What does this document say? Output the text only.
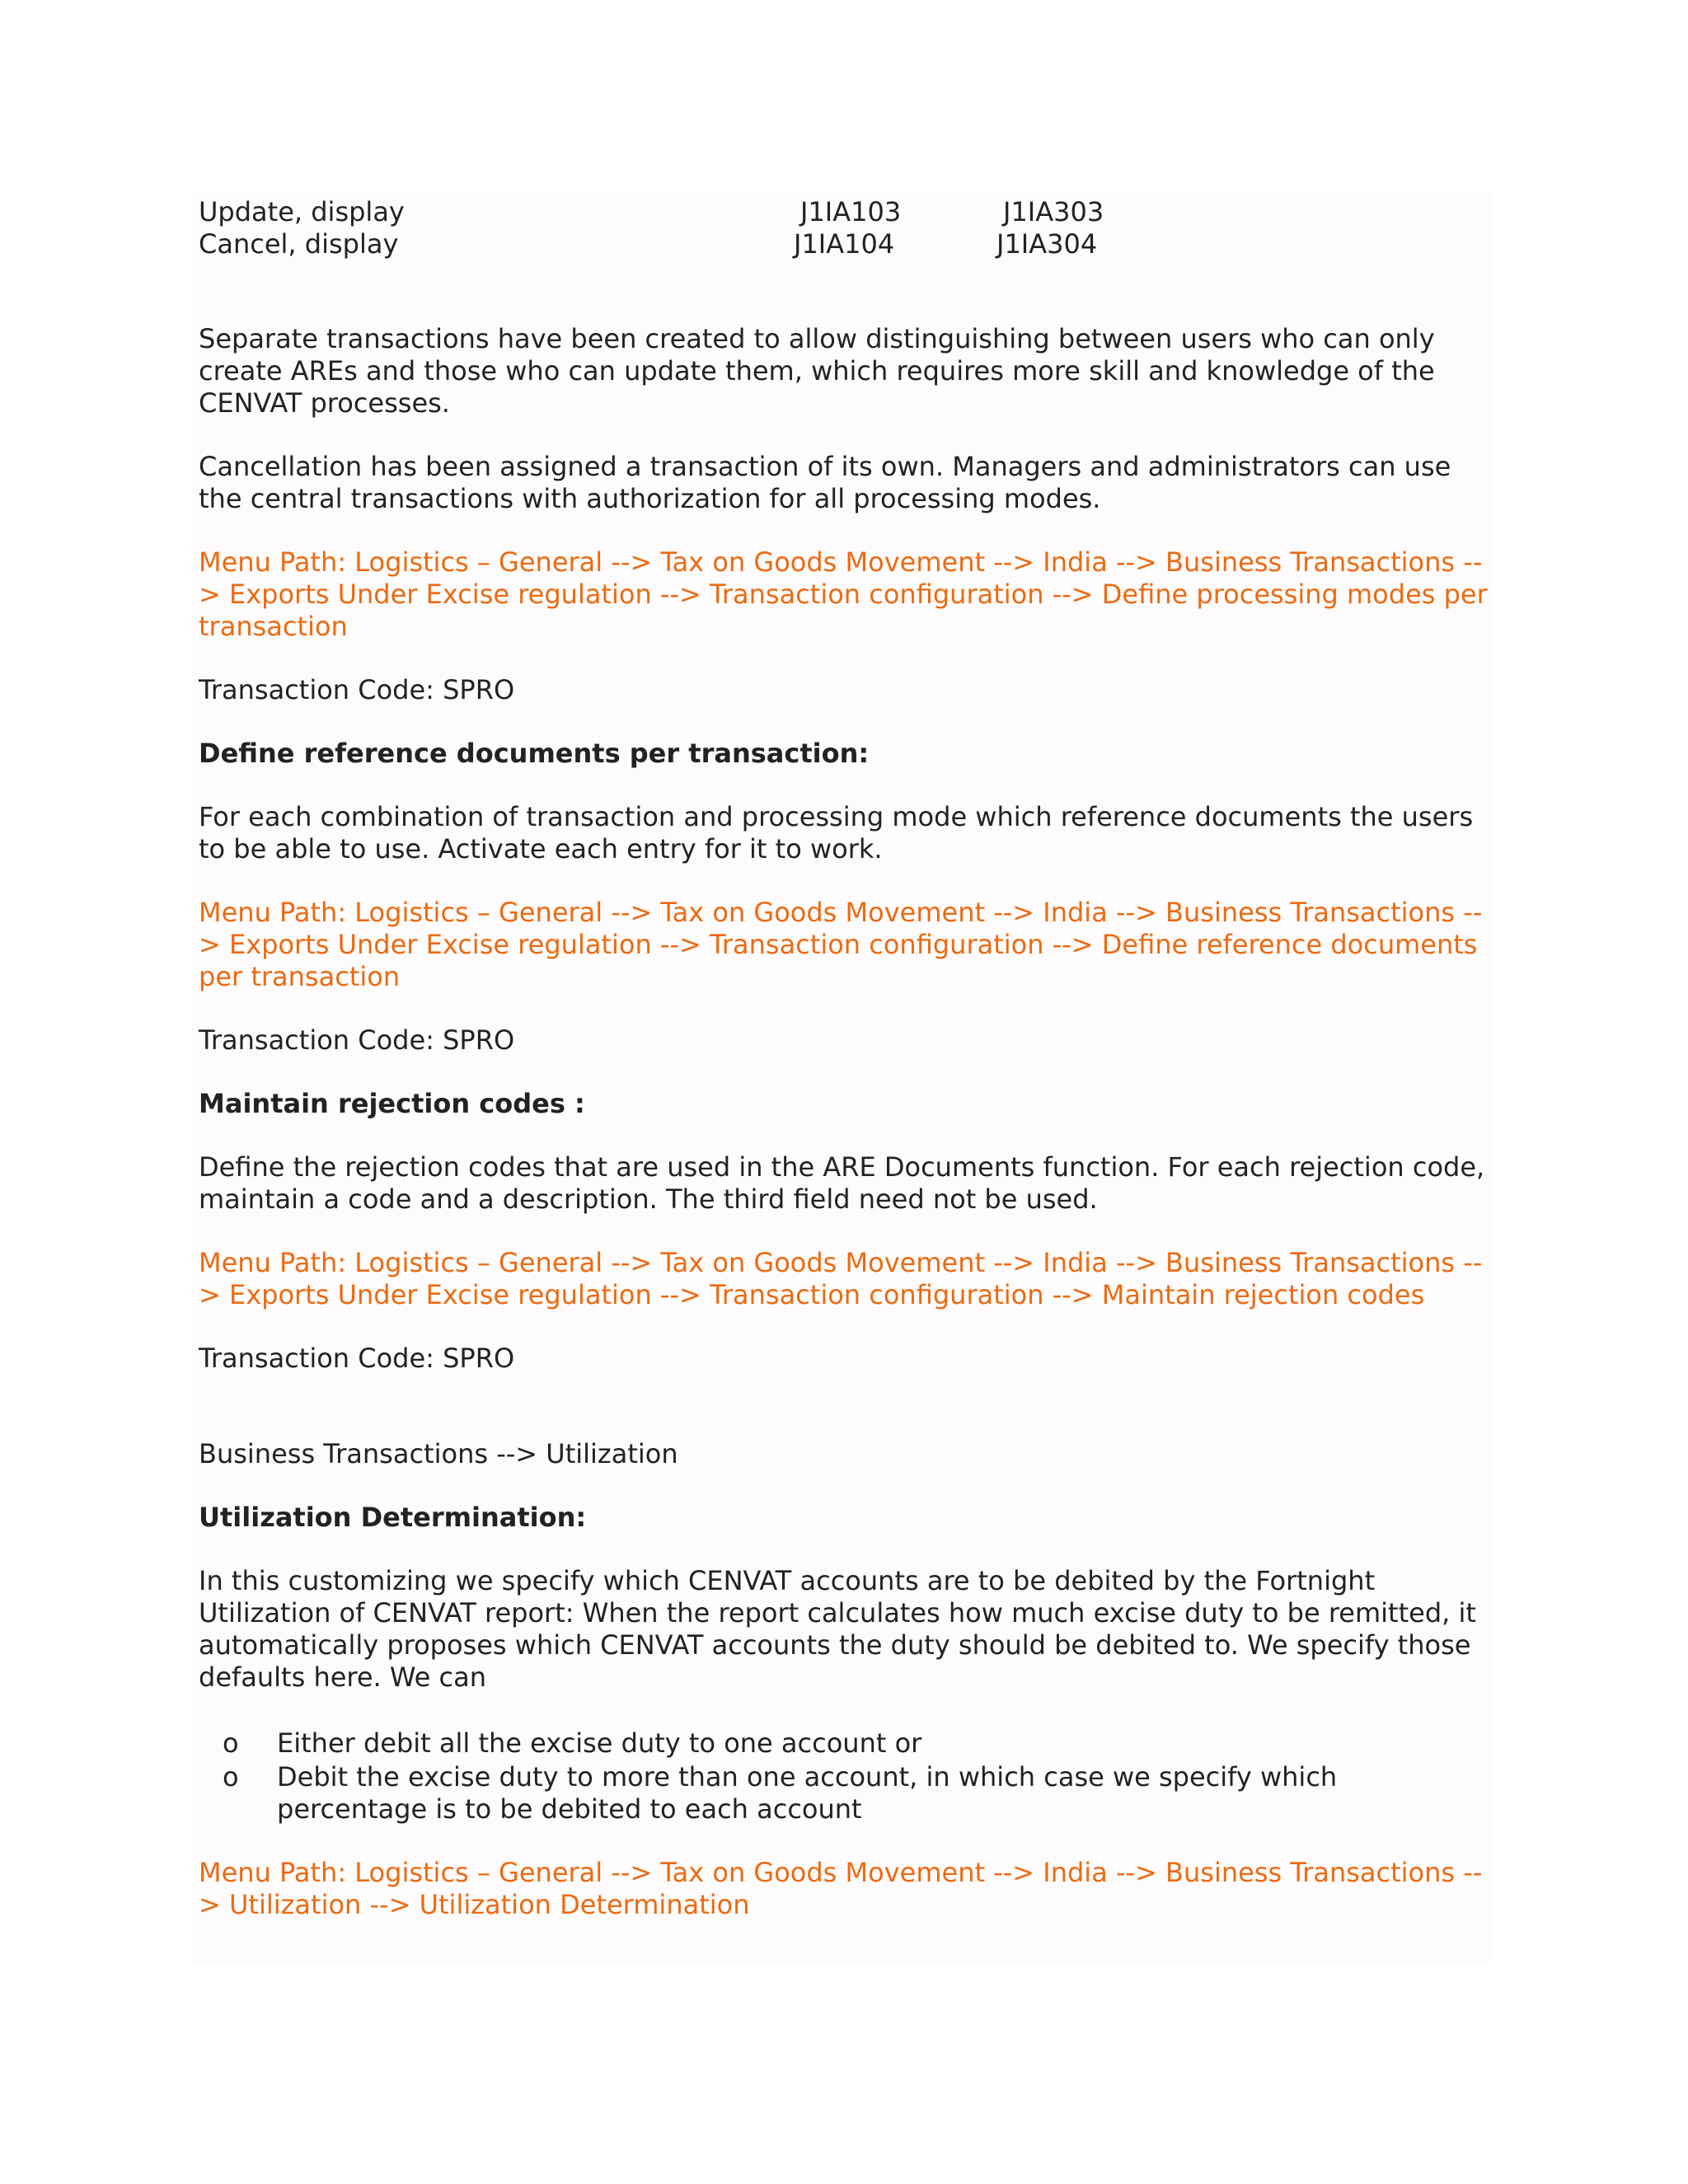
Update, display	J1IA103	J1IA303
Cancel, display	J1IA104	J1IA304

Separate transactions have been created to allow distinguishing between users who can only create AREs and those who can update them, which requires more skill and knowledge of the CENVAT processes.

Cancellation has been assigned a transaction of its own. Managers and administrators can use the central transactions with authorization for all processing modes.

Menu Path: Logistics – General --> Tax on Goods Movement --> India --> Business Transactions --> Exports Under Excise regulation --> Transaction configuration --> Define processing modes per transaction

Transaction Code: SPRO

Define reference documents per transaction:

For each combination of transaction and processing mode which reference documents the users to be able to use. Activate each entry for it to work.

Menu Path: Logistics – General --> Tax on Goods Movement --> India --> Business Transactions --> Exports Under Excise regulation --> Transaction configuration --> Define reference documents per transaction

Transaction Code: SPRO

Maintain rejection codes :

Define the rejection codes that are used in the ARE Documents function. For each rejection code, maintain a code and a description. The third field need not be used.

Menu Path: Logistics – General --> Tax on Goods Movement --> India --> Business Transactions --> Exports Under Excise regulation --> Transaction configuration --> Maintain rejection codes

Transaction Code: SPRO

Business Transactions --> Utilization

Utilization Determination:

In this customizing we specify which CENVAT accounts are to be debited by the Fortnight Utilization of CENVAT report: When the report calculates how much excise duty to be remitted, it automatically proposes which CENVAT accounts the duty should be debited to. We specify those defaults here. We can

o Either debit all the excise duty to one account or
o Debit the excise duty to more than one account, in which case we specify which percentage is to be debited to each account

Menu Path: Logistics – General --> Tax on Goods Movement --> India --> Business Transactions --> Utilization --> Utilization Determination
